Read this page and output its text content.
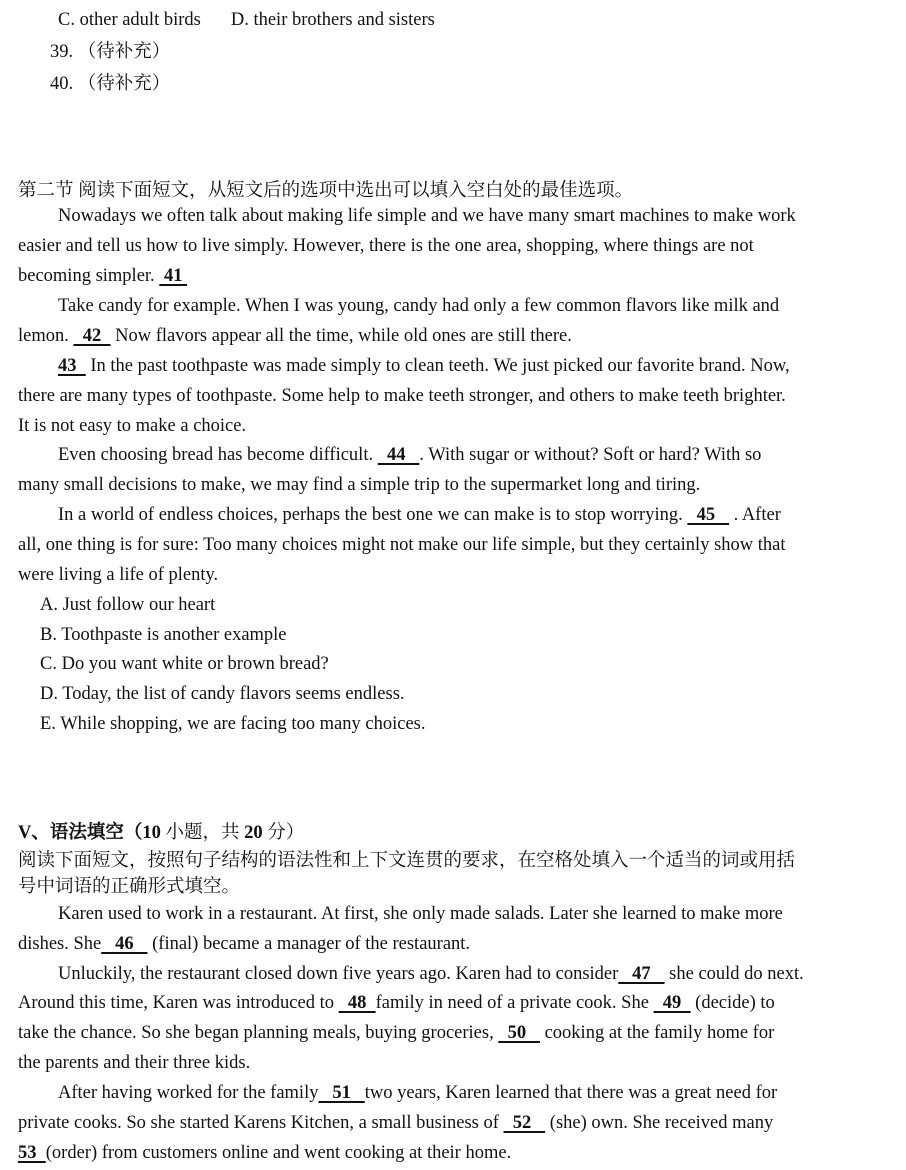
C. other adult birds D. their brothers and sisters
39. （待补充）
40. （待补充）
第二节 阅读下面短文，从短文后的选项中选出可以填入空白处的最佳选项。
Nowadays we often talk about making life simple and we have many smart machines to make work
easier and tell us how to live simply. However, there is the one area, shopping, where things are not
becoming simpler.  41
Take candy for example. When I was young, candy had only a few common flavors like milk and
lemon.   42   Now flavors appear all the time, while old ones are still there.
43   In the past toothpaste was made simply to clean teeth. We just picked our favorite brand. Now,
there are many types of toothpaste. Some help to make teeth stronger, and others to make teeth brighter.
It is not easy to make a choice.
Even choosing bread has become difficult.   44   . With sugar or without? Soft or hard? With so
many small decisions to make, we may find a simple trip to the supermarket long and tiring.
In a world of endless choices, perhaps the best one we can make is to stop worrying.   45    . After
all, one thing is for sure: Too many choices might not make our life simple, but they certainly show that
were living a life of plenty.
A. Just follow our heart
B. Toothpaste is another example
C. Do you want white or brown bread?
D. Today, the list of candy flavors seems endless.
E. While shopping, we are facing too many choices.
V、语法填空（10 小题，共 20 分）
阅读下面短文，按照句子结构的语法性和上下文连贯的要求，在空格处填入一个适当的词或用括
号中词语的正确形式填空。
Karen used to work in a restaurant. At first, she only made salads. Later she learned to make more
dishes. She   46    (final) became a manager of the restaurant.
Unluckily, the restaurant closed down five years ago. Karen had to consider   47    she could do next.
Around this time, Karen was introduced to   48  family in need of a private cook. She   49   (decide) to
take the chance. So she began planning meals, buying groceries,   50    cooking at the family home for
the parents and their three kids.
After having worked for the family   51   two years, Karen learned that there was a great need for
private cooks. So she started Karens Kitchen, a small business of   52    (she) own. She received many
53  (order) from customers online and went cooking at their home.
